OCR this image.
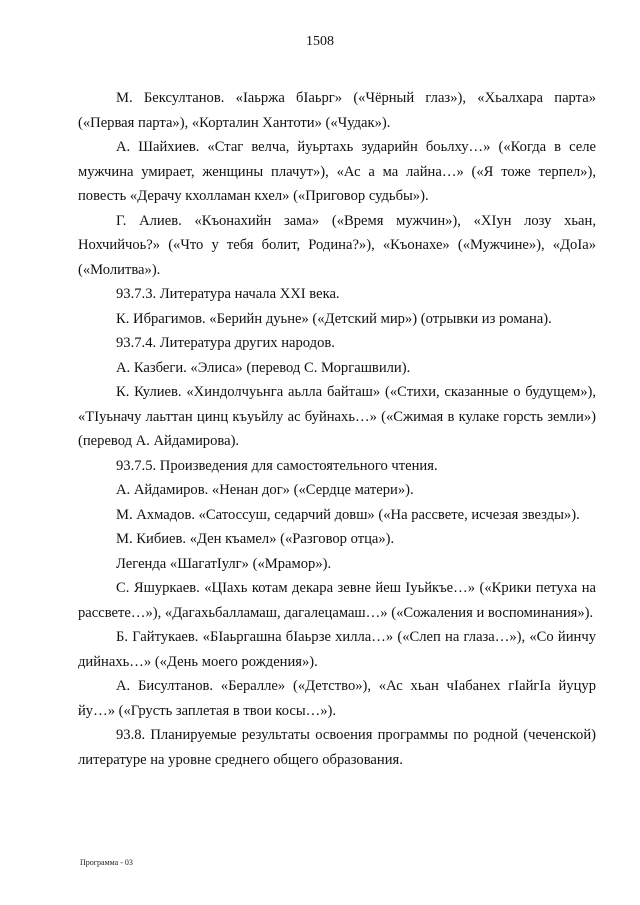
1508

М. Бексултанов. «Іаьржа бІаьрг» («Чёрный глаз»), «Хьалхара парта» («Первая парта»), «Корталин Хантоти» («Чудак»).

А. Шайхиев. «Стаг велча, йуьртахь зударийн боьлху…» («Когда в селе мужчина умирает, женщины плачут»), «Ас а ма лайна…» («Я тоже терпел»), повесть «Дерачу кхолламан кхел» («Приговор судьбы»).

Г. Алиев. «Къонахийн зама» («Время мужчин»), «ХІун лозу хьан, Нохчийчоь?» («Что у тебя болит, Родина?»), «Къонахе» («Мужчине»), «ДоІа» («Молитва»).

93.7.3. Литература начала XXI века.

К. Ибрагимов. «Берийн дуьне» («Детский мир») (отрывки из романа).

93.7.4. Литература других народов.

А. Казбеги. «Элиса» (перевод С. Моргашвили).

К. Кулиев. «Хиндолчуьнга аьлла байташ» («Стихи, сказанные о будущем»), «ТІуьначу лаьттан цинц къуьйлу ас буйнахь…» («Сжимая в кулаке горсть земли») (перевод А. Айдамирова).

93.7.5. Произведения для самостоятельного чтения.

А. Айдамиров. «Ненан дог» («Сердце матери»).

М. Ахмадов. «Сатоссуш, седарчий довш» («На рассвете, исчезая звезды»).

М. Кибиев. «Ден къамел» («Разговор отца»).

Легенда «ШагатІулг» («Мрамор»).

С. Яшуркаев. «ЦІахь котам декара зевне йеш Іуьйкъе…» («Крики петуха на рассвете…»), «Дагахьбалламаш, дагалецамаш…» («Сожаления и воспоминания»).

Б. Гайтукаев. «БІаьргашна бІаьрзе хилла…» («Слеп на глаза…»), «Со йинчу дийнахь…» («День моего рождения»).

А. Бисултанов. «Бералле» («Детство»), «Ас хьан чІабанех гІайгІа йуцур йу…» («Грусть заплетая в твои косы…»).

93.8. Планируемые результаты освоения программы по родной (чеченской) литературе на уровне среднего общего образования.

Программа - 03
